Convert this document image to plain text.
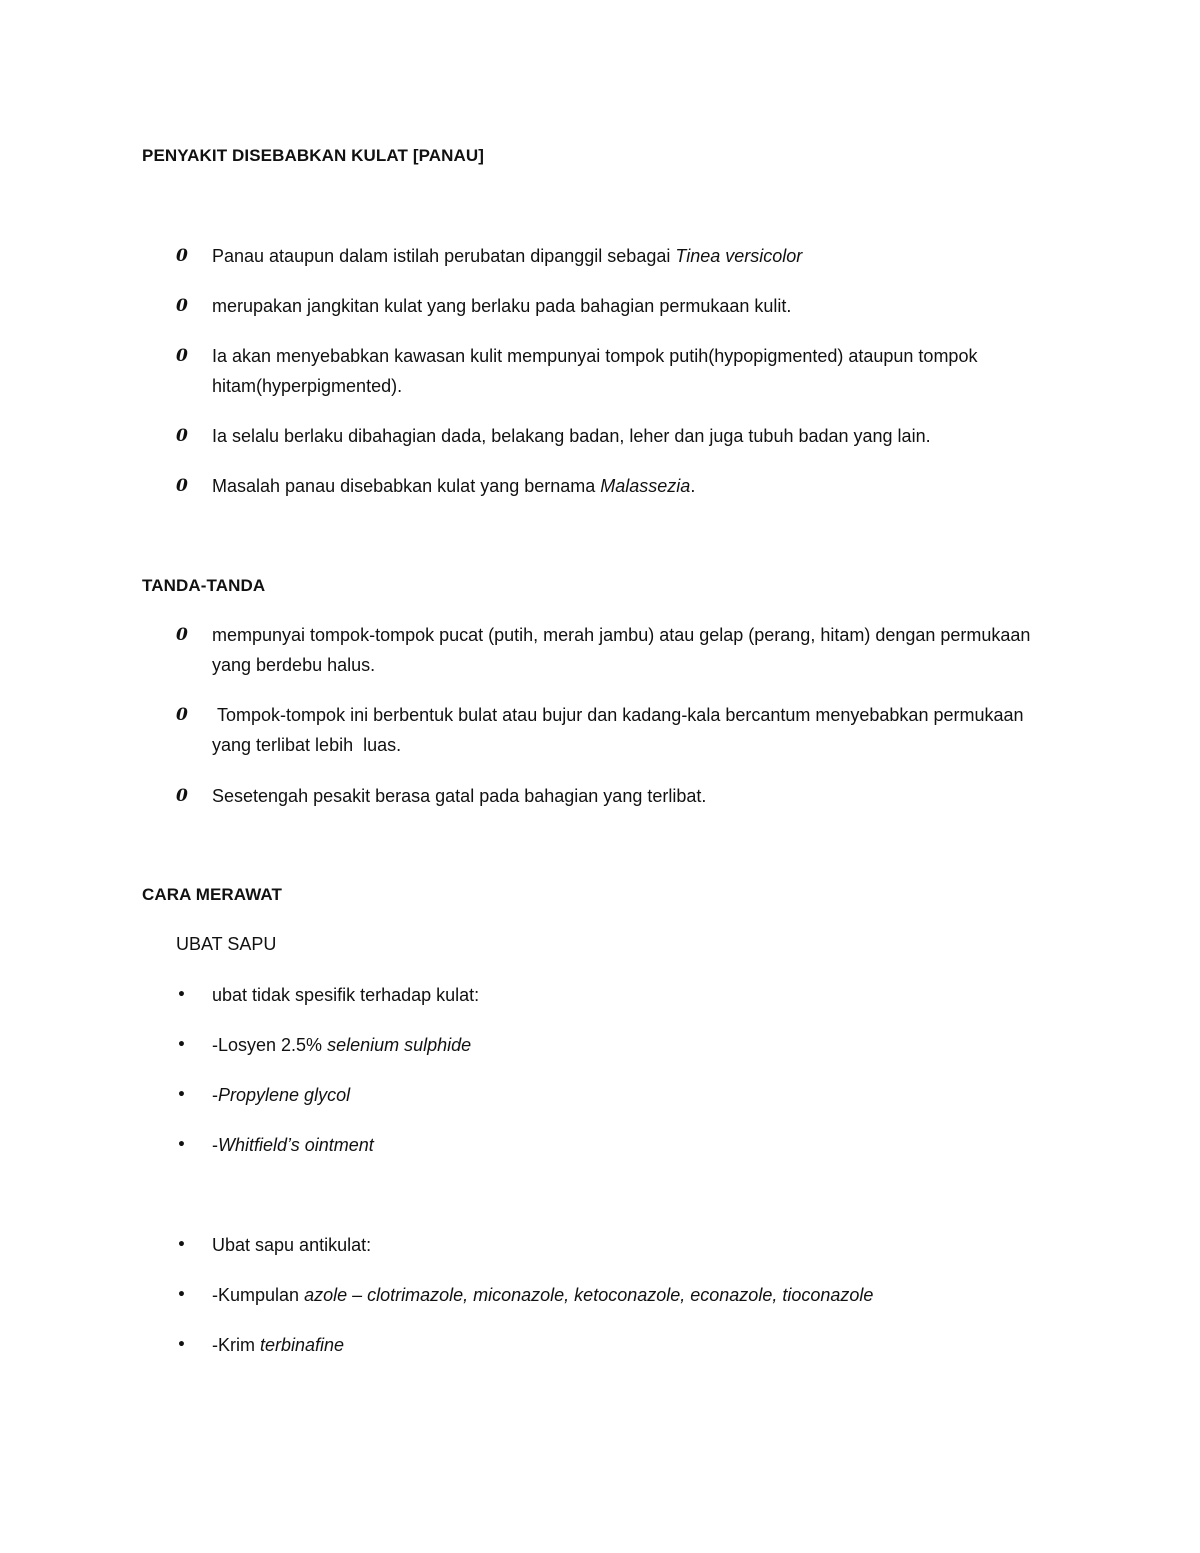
PENYAKIT DISEBABKAN KULAT [PANAU]
0	Panau ataupun dalam istilah perubatan dipanggil sebagai Tinea versicolor
0	merupakan jangkitan kulat yang berlaku pada bahagian permukaan kulit.
0	Ia akan menyebabkan kawasan kulit mempunyai tompok putih(hypopigmented) ataupun tompok hitam(hyperpigmented).
0	Ia selalu berlaku dibahagian dada, belakang badan, leher dan juga tubuh badan yang lain.
0	Masalah panau disebabkan kulat yang bernama Malassezia.
TANDA-TANDA
0	mempunyai tompok-tompok pucat (putih, merah jambu) atau gelap (perang, hitam) dengan permukaan yang berdebu halus.
0	Tompok-tompok ini berbentuk bulat atau bujur dan kadang-kala bercantum menyebabkan permukaan yang terlibat lebih  luas.
0	Sesetengah pesakit berasa gatal pada bahagian yang terlibat.
CARA MERAWAT
UBAT SAPU
•	ubat tidak spesifik terhadap kulat:
•	-Losyen 2.5% selenium sulphide
•	-Propylene glycol
•	-Whitfield’s ointment
•	Ubat sapu antikulat:
•	-Kumpulan azole – clotrimazole, miconazole, ketoconazole, econazole, tioconazole
•	-Krim terbinafine
